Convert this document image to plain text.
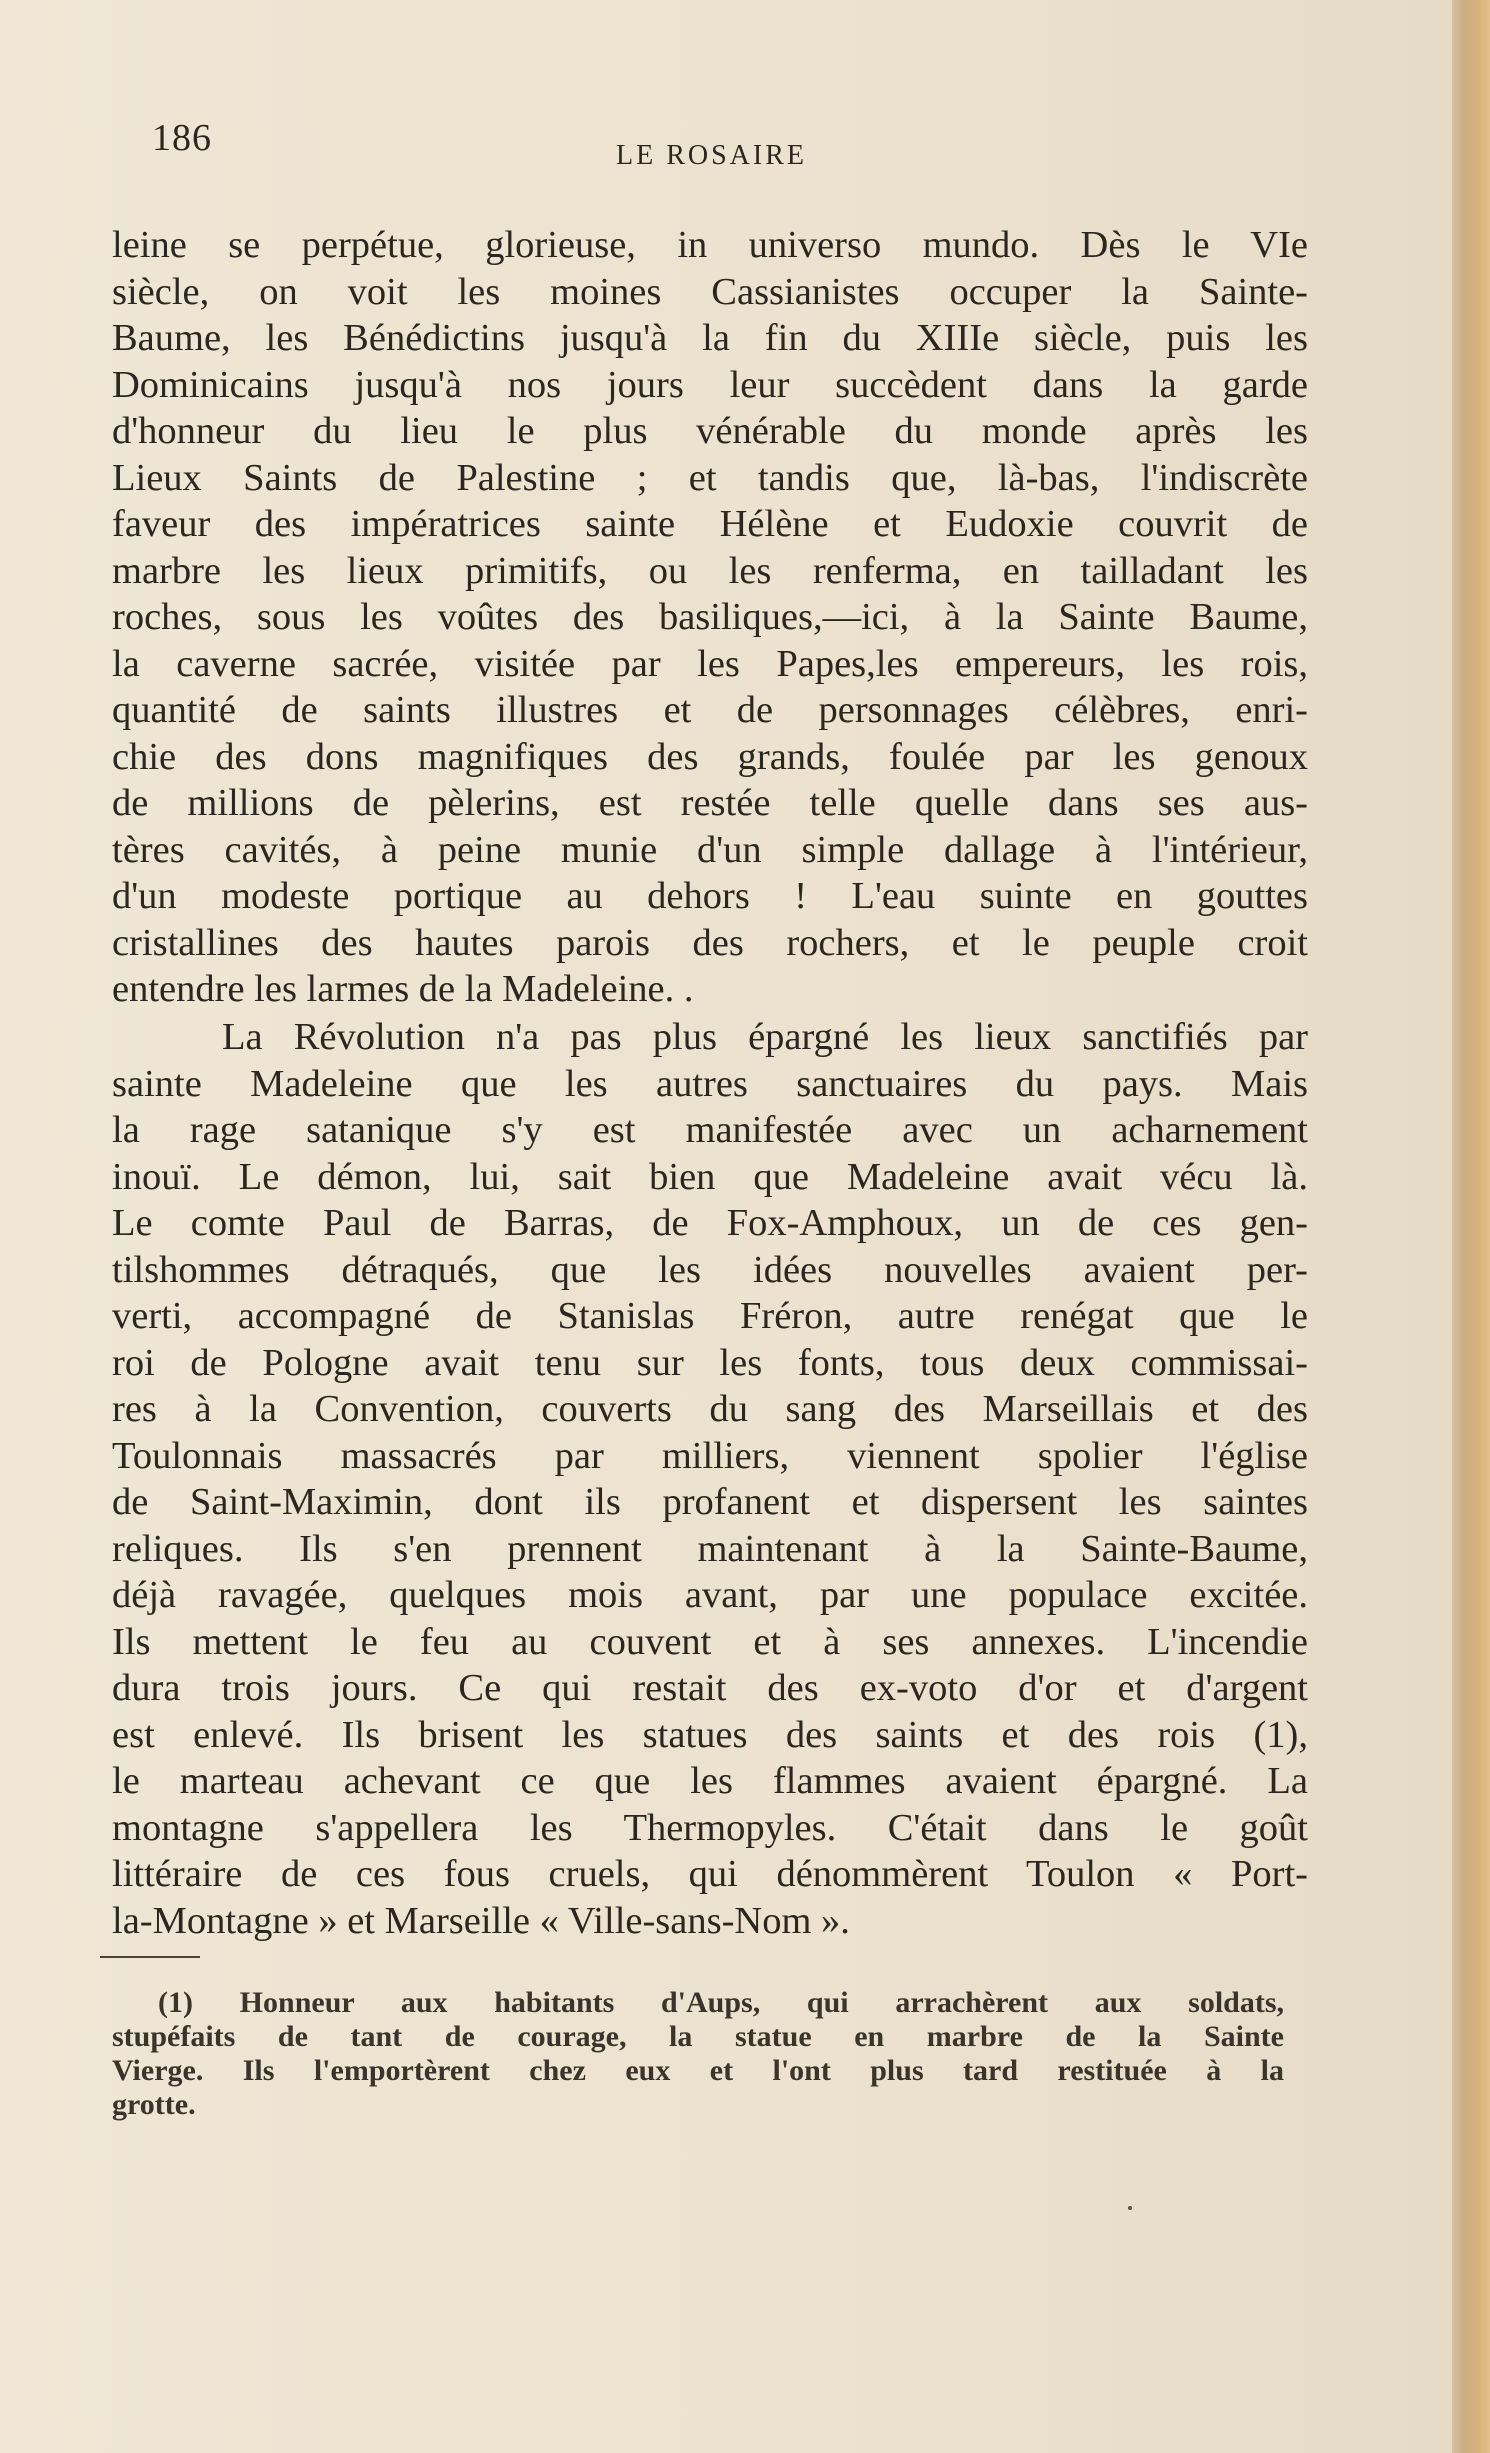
186	LE ROSAIRE
leine se perpétue, glorieuse, in universo mundo. Dès le VIe
siècle, on voit les moines Cassianistes occuper la Sainte-
Baume, les Bénédictins jusqu'à la fin du XIIIe siècle, puis les
Dominicains jusqu'à nos jours leur succèdent dans la garde
d'honneur du lieu le plus vénérable du monde après les
Lieux Saints de Palestine ; et tandis que, là-bas, l'indiscrète
faveur des impératrices sainte Hélène et Eudoxie couvrit de
marbre les lieux primitifs, ou les renferma, en tailladant les
roches, sous les voûtes des basiliques,—ici, à la Sainte Baume,
la caverne sacrée, visitée par les Papes,les empereurs, les rois,
quantité de saints illustres et de personnages célèbres, enri-
chie des dons magnifiques des grands, foulée par les genoux
de millions de pèlerins, est restée telle quelle dans ses aus-
tères cavités, à peine munie d'un simple dallage à l'intérieur,
d'un modeste portique au dehors ! L'eau suinte en gouttes
cristallines des hautes parois des rochers, et le peuple croit
entendre les larmes de la Madeleine. .
La Révolution n'a pas plus épargné les lieux sanctifiés par
sainte Madeleine que les autres sanctuaires du pays. Mais
la rage satanique s'y est manifestée avec un acharnement
inouï. Le démon, lui, sait bien que Madeleine avait vécu là.
Le comte Paul de Barras, de Fox-Amphoux, un de ces gen-
tilshommes détraqués, que les idées nouvelles avaient per-
verti, accompagné de Stanislas Fréron, autre renégat que le
roi de Pologne avait tenu sur les fonts, tous deux commissai-
res à la Convention, couverts du sang des Marseillais et des
Toulonnais massacrés par milliers, viennent spolier l'église
de Saint-Maximin, dont ils profanent et dispersent les saintes
reliques. Ils s'en prennent maintenant à la Sainte-Baume,
déjà ravagée, quelques mois avant, par une populace excitée.
Ils mettent le feu au couvent et à ses annexes. L'incendie
dura trois jours. Ce qui restait des ex-voto d'or et d'argent
est enlevé. Ils brisent les statues des saints et des rois (1),
le marteau achevant ce que les flammes avaient épargné. La
montagne s'appellera les Thermopyles. C'était dans le goût
littéraire de ces fous cruels, qui dénommèrent Toulon « Port-
la-Montagne » et Marseille « Ville-sans-Nom ».
(1) Honneur aux habitants d'Aups, qui arrachèrent aux soldats,
stupéfaits de tant de courage, la statue en marbre de la Sainte
Vierge. Ils l'emportèrent chez eux et l'ont plus tard restituée à la
grotte.
